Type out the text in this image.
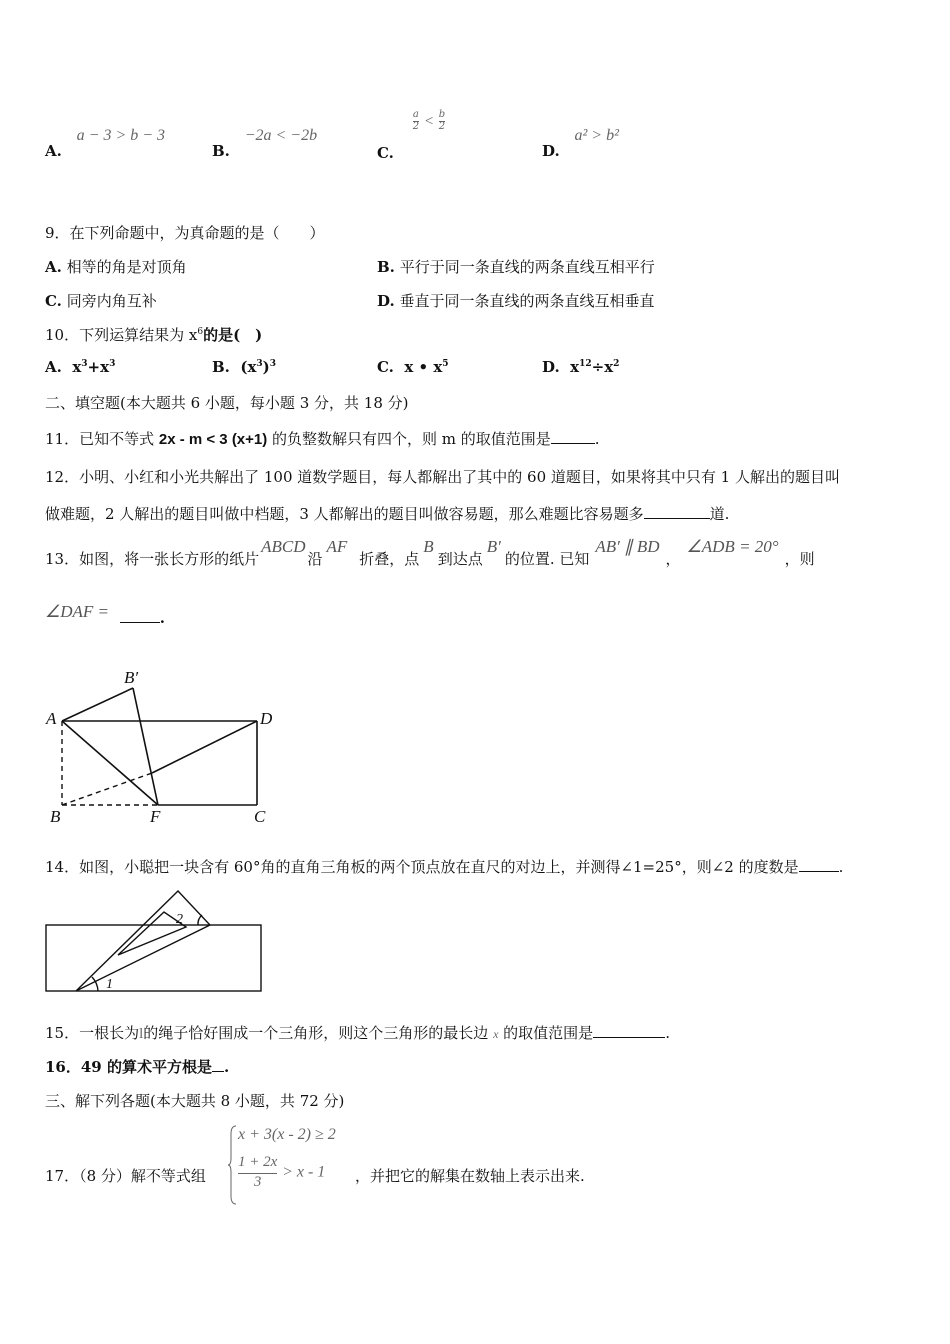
A. a − 3 > b − 3
B. −2a < −2b
C.
$\frac{a}{2} < \frac{b}{2}$
D. a² > b²
9．在下列命题中，为真命题的是（　　）
A. 相等的角是对顶角	B. 平行于同一条直线的两条直线互相平行
C. 同旁内角互补	D. 垂直于同一条直线的两条直线互相垂直
10．下列运算结果为 $x^6$的是(　)
A. $x^3+x^3$	B. $(x^3)^3$	C. x • $x^5$	D. $x^{12}\div x^2$
二、填空题(本大题共 6 小题，每小题 3 分，共 18 分)
11．已知不等式 2x - m < 3 (x+1) 的负整数解只有四个，则 m 的取值范围是	.
12．小明、小红和小光共解出了 100 道数学题目，每人都解出了其中的 60 道题目，如果将其中只有 1 人解出的题目叫
做难题，2 人解出的题目叫做中档题，3 人都解出的题目叫做容易题，那么难题比容易题多	道.
13．如图，将一张长方形的纸片ABCD沿AF折叠，点B到达点B′的位置. 已知AB′ ∥ BD，∠ADB = 20°，则
∠DAF =	.
B′
A	D
B	F	C
14．如图，小聪把一块含有 60°角的直角三角板的两个顶点放在直尺的对边上，并测得∠1=25°，则∠2 的度数是	.
1
2
15．一根长为l的绳子恰好围成一个三角形，则这个三角形的最长边 x 的取值范围是	.
16．49 的算术平方根是 .
三、解下列各题(本大题共 8 小题，共 72 分)
17．（8 分）解不等式组
x + 3(x - 2) ≥ 2
$\frac{1 + 2x}{3} > x - 1$ ，并把它的解集在数轴上表示出来.
